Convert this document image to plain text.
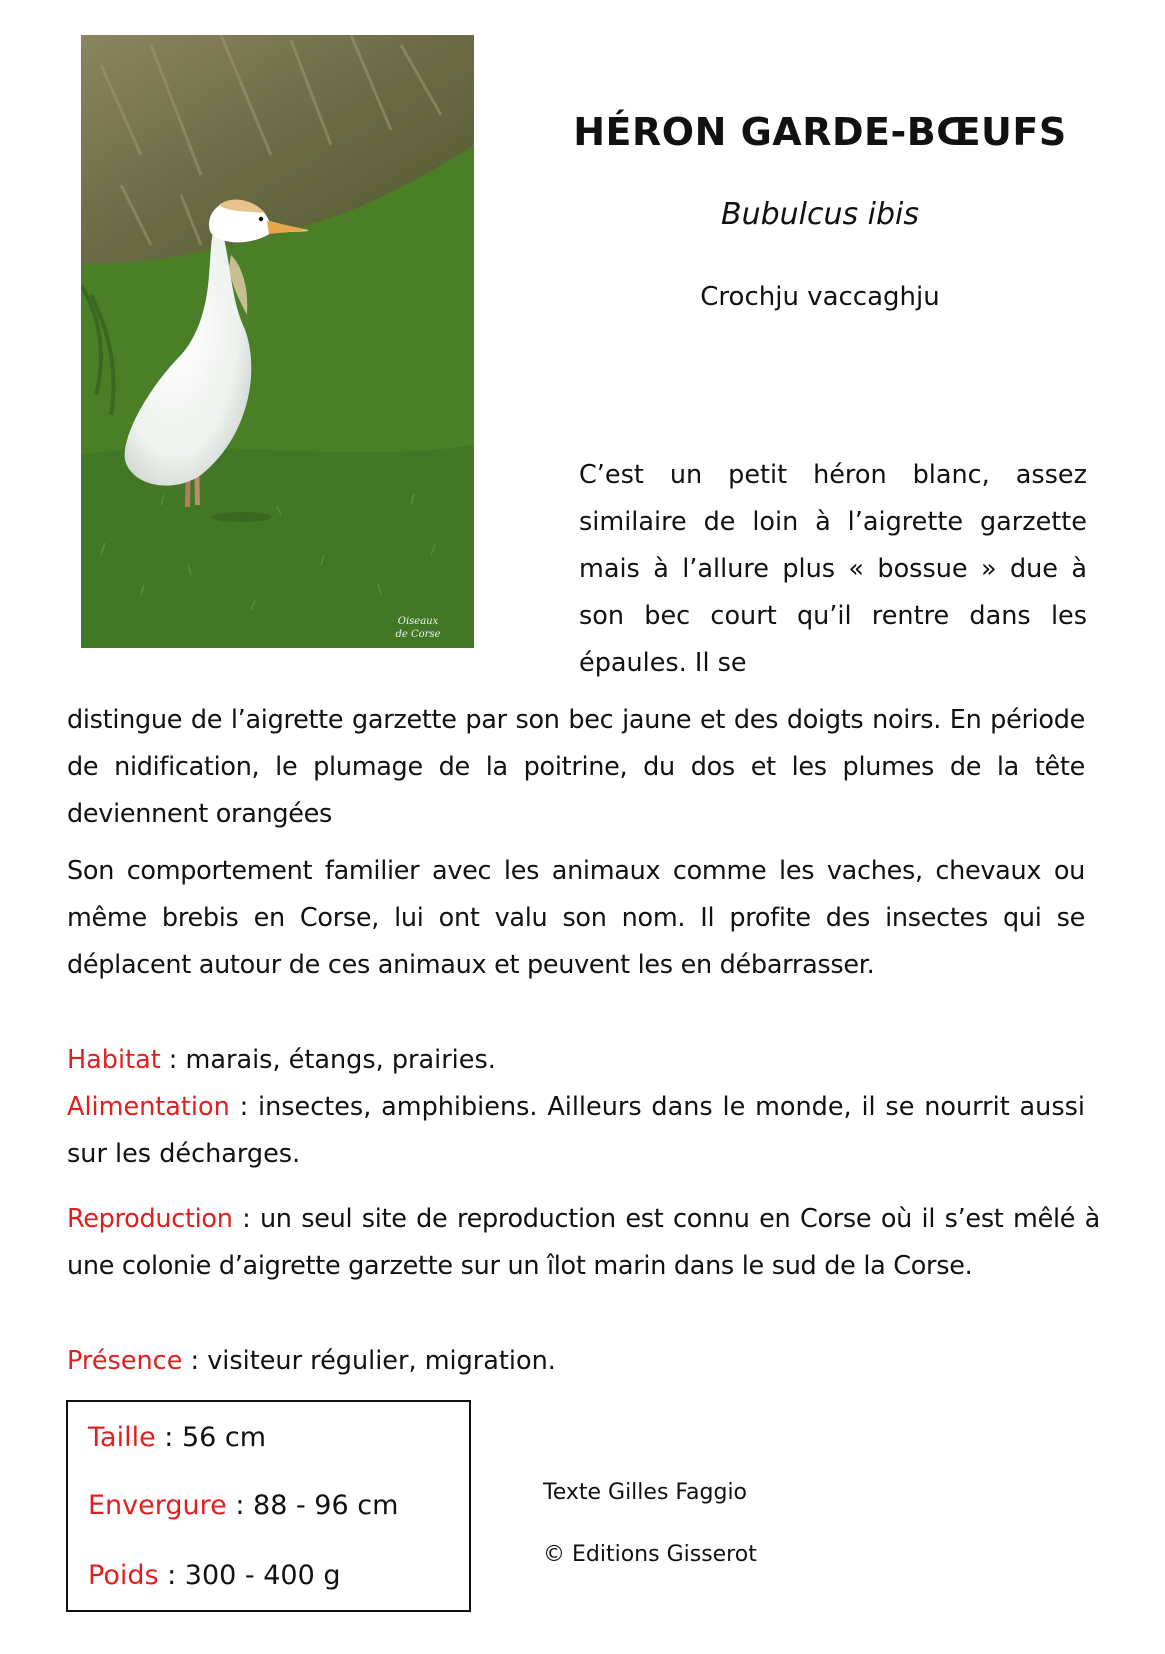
Oiseaux
de Corse
HÉRON GARDE-BŒUFS
Bubulcus ibis
Crochju vaccaghju

C’est un petit héron blanc, assez similaire de loin à l’aigrette garzette mais à l’allure plus « bossue » due à son bec court qu’il rentre dans les épaules. Il se

distingue de l’aigrette garzette par son bec jaune et des doigts noirs. En période de nidification, le plumage de la poitrine, du dos et les plumes de la tête deviennent orangées

Son comportement familier avec les animaux comme les vaches, chevaux ou même brebis en Corse, lui ont valu son nom. Il profite des insectes qui se déplacent autour de ces animaux et peuvent les en débarrasser.

Habitat : marais, étangs, prairies.

Alimentation : insectes, amphibiens. Ailleurs dans le monde, il se nourrit aussi sur les décharges.

Reproduction : un seul site de reproduction est connu en Corse où il s’est mêlé à une colonie d’aigrette garzette sur un îlot marin dans le sud de la Corse.

Présence : visiteur régulier, migration.

Taille : 56 cm
Envergure : 88 - 96 cm
Poids : 300 - 400 g
Texte Gilles Faggio
© Editions Gisserot
